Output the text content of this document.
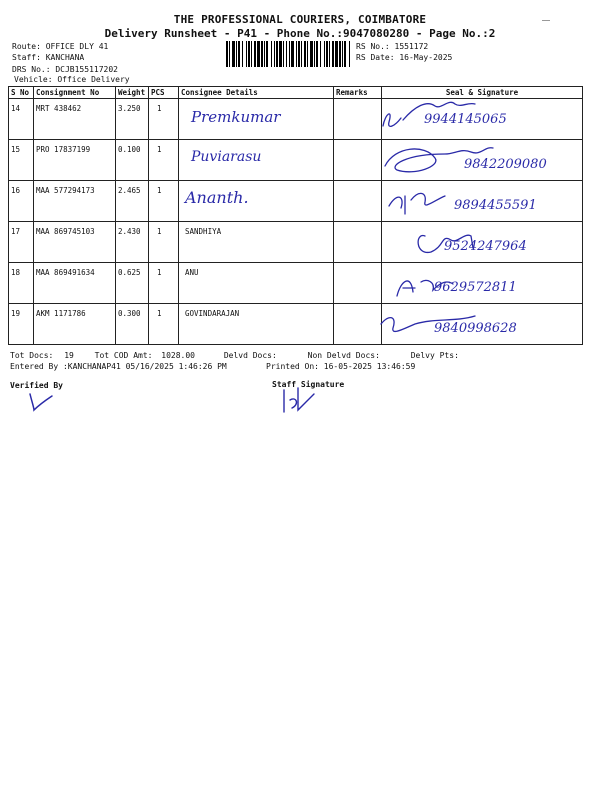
THE PROFESSIONAL COURIERS, COIMBATORE
Delivery Runsheet - P41 - Phone No.:9047080280 - Page No.:2
Route: OFFICE DLY 41
Staff: KANCHANA
DRS No.: DCJB155117202
Vehicle: Office Delivery
RS No.: 1551172
RS Date: 16-May-2025
S No	Consignment No	Weight	PCS	Consignee Details	Remarks	Seal & Signature
14	MRT 438462	3.250	1	Premkumar		9944145065
15	PRO 17837199	0.100	1	Puviarasu		9842209080
16	MAA 577294173	2.465	1	Ananth.		9894455591
17	MAA 869745103	2.430	1	SANDHIYA		9524247964
18	MAA 869491634	0.625	1	ANU		9629572811
19	AKM 1171786	0.300	1	GOVINDARAJAN		9840998628
Tot Docs: 19	Tot COD Amt: 1028.00	Delvd Docs:	Non Delvd Docs:	Delvy Pts:
Entered By :KANCHANAP41 05/16/2025 1:46:26 PM	Printed On: 16-05-2025 13:46:59
Verified By	Staff Signature
